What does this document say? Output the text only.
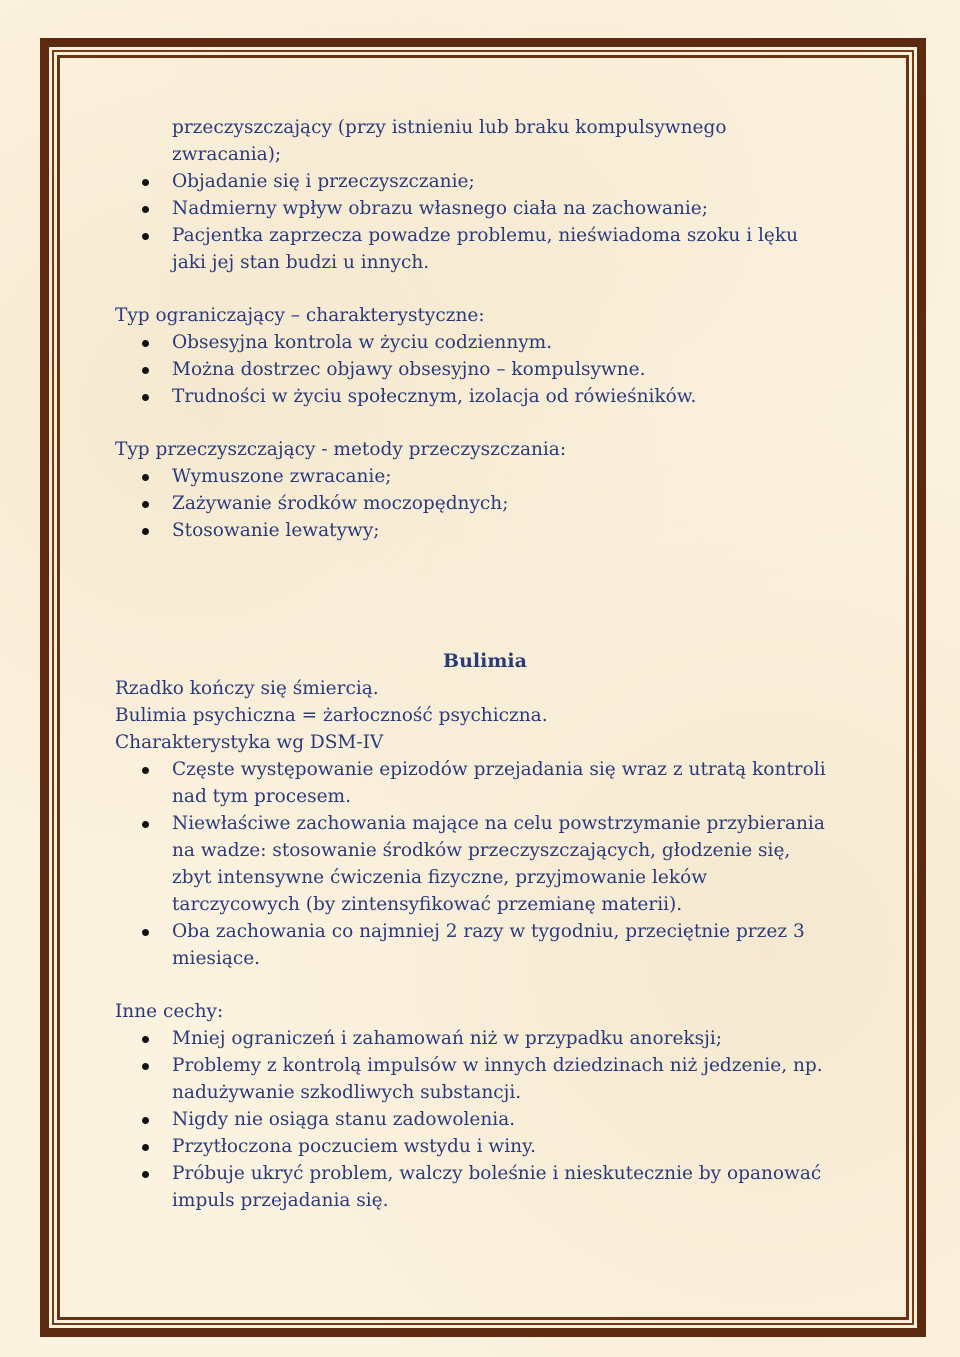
przeczyszczający (przy istnieniu lub braku kompulsywnego
zwracania);
Objadanie się i przeczyszczanie;
Nadmierny wpływ obrazu własnego ciała na zachowanie;
Pacjentka zaprzecza powadze problemu, nieświadoma szoku i lęku
jaki jej stan budzi u innych.

Typ ograniczający – charakterystyczne:

Obsesyjna kontrola w życiu codziennym.
Można dostrzec objawy obsesyjno – kompulsywne.
Trudności w życiu społecznym, izolacja od rówieśników.

Typ przeczyszczający - metody przeczyszczania:

Wymuszone zwracanie;
Zażywanie środków moczopędnych;
Stosowanie lewatywy;

Bulimia

Rzadko kończy się śmiercią.

Bulimia psychiczna = żarłoczność psychiczna.

Charakterystyka wg DSM-IV

Częste występowanie epizodów przejadania się wraz z utratą kontroli
nad tym procesem.
Niewłaściwe zachowania mające na celu powstrzymanie przybierania
na wadze: stosowanie środków przeczyszczających, głodzenie się,
zbyt intensywne ćwiczenia fizyczne, przyjmowanie leków
tarczycowych (by zintensyfikować przemianę materii).
Oba zachowania co najmniej 2 razy w tygodniu, przeciętnie przez 3
miesiące.

Inne cechy:

Mniej ograniczeń i zahamowań niż w przypadku anoreksji;
Problemy z kontrolą impulsów w innych dziedzinach niż jedzenie, np.
nadużywanie szkodliwych substancji.
Nigdy nie osiąga stanu zadowolenia.
Przytłoczona poczuciem wstydu i winy.
Próbuje ukryć problem, walczy boleśnie i nieskutecznie by opanować
impuls przejadania się.
